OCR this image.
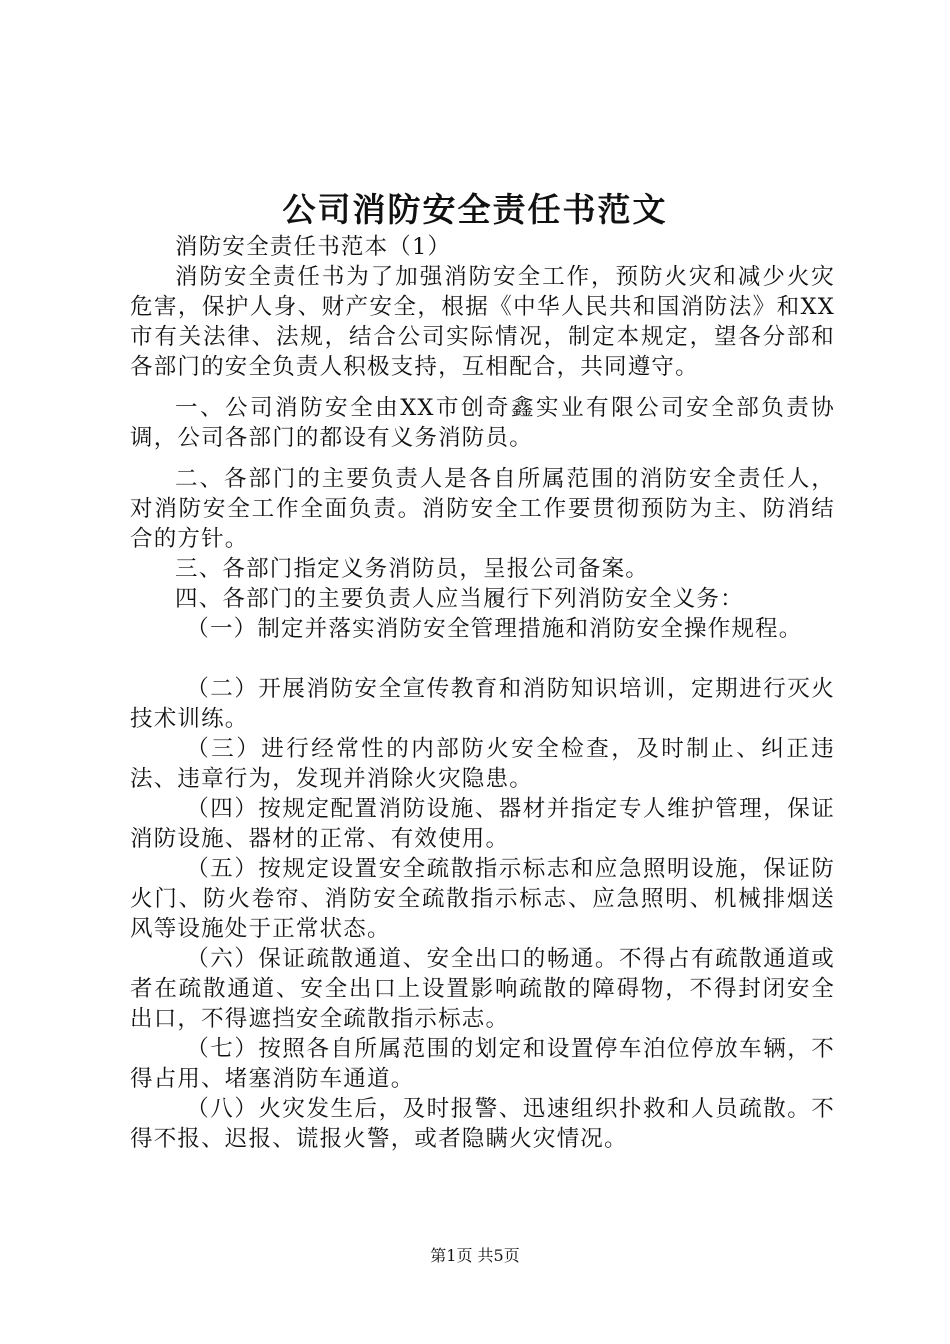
公司消防安全责任书范文

消防安全责任书范本（1）

消防安全责任书为了加强消防安全工作，预防火灾和减少火灾危害，保护人身、财产安全，根据《中华人民共和国消防法》和XX市有关法律、法规，结合公司实际情况，制定本规定，望各分部和各部门的安全负责人积极支持，互相配合，共同遵守。

一、公司消防安全由XX市创奇鑫实业有限公司安全部负责协调，公司各部门的都设有义务消防员。

二、各部门的主要负责人是各自所属范围的消防安全责任人，对消防安全工作全面负责。消防安全工作要贯彻预防为主、防消结合的方针。

三、各部门指定义务消防员，呈报公司备案。

四、各部门的主要负责人应当履行下列消防安全义务：

（一）制定并落实消防安全管理措施和消防安全操作规程。

（二）开展消防安全宣传教育和消防知识培训，定期进行灭火技术训练。

（三）进行经常性的内部防火安全检查，及时制止、纠正违法、违章行为，发现并消除火灾隐患。

（四）按规定配置消防设施、器材并指定专人维护管理，保证消防设施、器材的正常、有效使用。

（五）按规定设置安全疏散指示标志和应急照明设施，保证防火门、防火卷帘、消防安全疏散指示标志、应急照明、机械排烟送风等设施处于正常状态。

（六）保证疏散通道、安全出口的畅通。不得占有疏散通道或者在疏散通道、安全出口上设置影响疏散的障碍物，不得封闭安全出口，不得遮挡安全疏散指示标志。

（七）按照各自所属范围的划定和设置停车泊位停放车辆，不得占用、堵塞消防车通道。

（八）火灾发生后，及时报警、迅速组织扑救和人员疏散。不得不报、迟报、谎报火警，或者隐瞒火灾情况。

第1页 共5页
